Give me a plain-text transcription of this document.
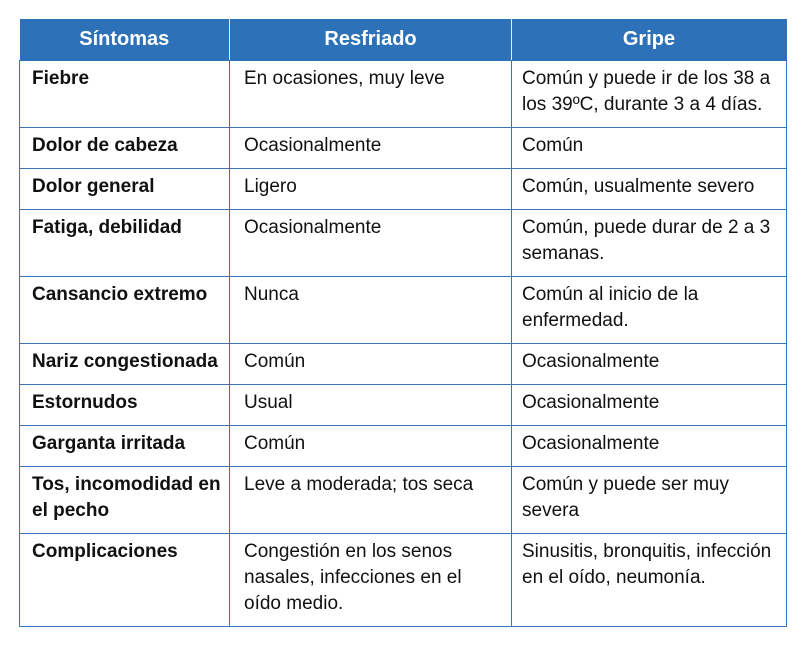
Síntomas	Resfriado	Gripe
Fiebre	En ocasiones, muy leve	Común y puede ir de los 38 a los 39ºC, durante 3 a 4 días.
Dolor de cabeza	Ocasionalmente	Común
Dolor general	Ligero	Común, usualmente severo
Fatiga, debilidad	Ocasionalmente	Común, puede durar de 2 a 3 semanas.
Cansancio extremo	Nunca	Común al inicio de la enfermedad.
Nariz congestionada	Común	Ocasionalmente
Estornudos	Usual	Ocasionalmente
Garganta irritada	Común	Ocasionalmente
Tos, incomodidad en el pecho	Leve a moderada; tos seca	Común y puede ser muy severa
Complicaciones	Congestión en los senos nasales, infecciones en el oído medio.	Sinusitis, bronquitis, infección en el oído, neumonía.
